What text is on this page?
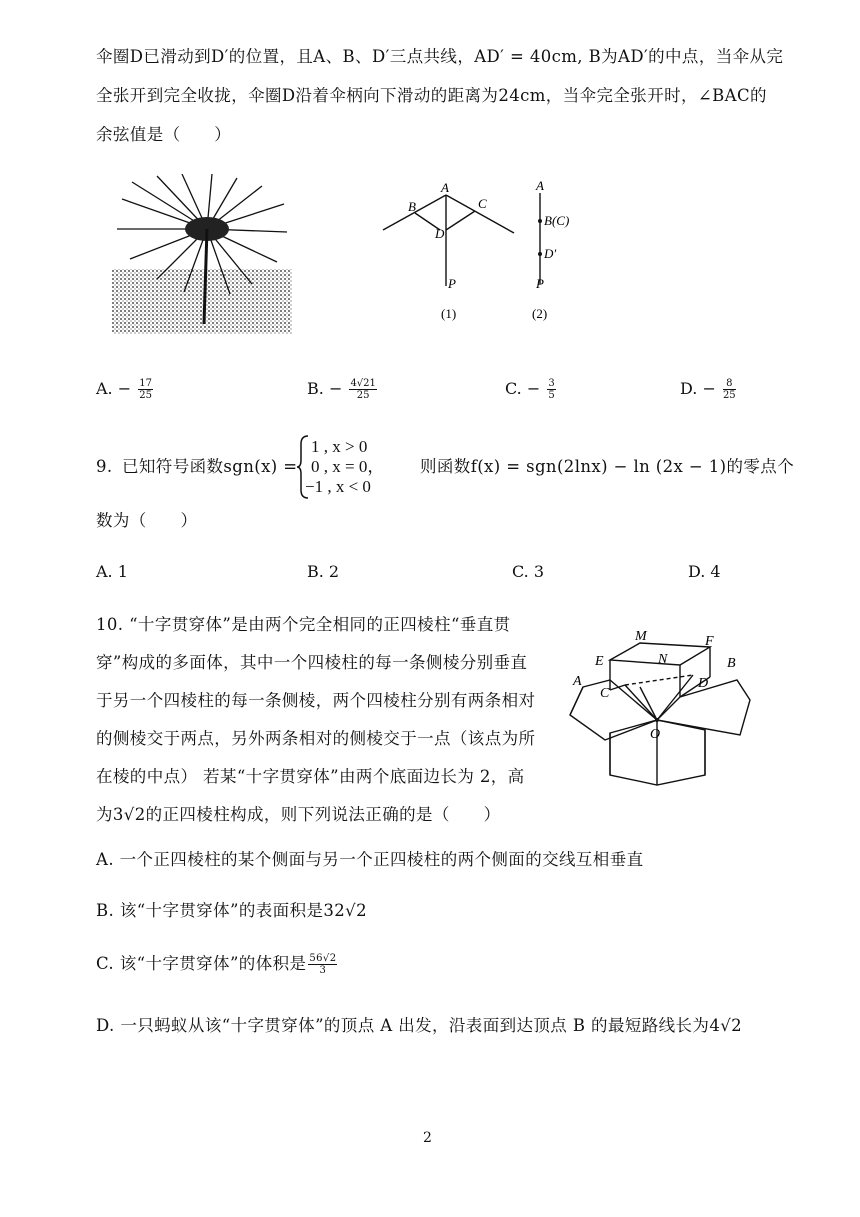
伞圈D已滑动到D′的位置，且A、B、D′三点共线，AD′ = 40cm, B为AD′的中点，当伞从完
全张开到完全收拢，伞圈D沿着伞柄向下滑动的距离为24cm，当伞完全张开时，∠BAC的
余弦值是（　　）
A
B	C
D
P
(1)
A
B(C)
D′
P
(2)
A. − $\frac{17}{25}$	B. − $\frac{4√21}{25}$	C. − $\frac{3}{5}$	D. − $\frac{8}{25}$
9. 已知符号函数sgn(x) =
1 , x > 0
0 , x = 0，
−1 , x < 0
则函数f(x) = sgn(2lnx) − ln (2x − 1)的零点个
数为（　　）
A. 1	B. 2	C. 3	D. 4
10. “十字贯穿体”是由两个完全相同的正四棱柱“垂直贯
穿”构成的多面体，其中一个四棱柱的每一条侧棱分别垂直
于另一个四棱柱的每一条侧棱，两个四棱柱分别有两条相对
的侧棱交于两点，另外两条相对的侧棱交于一点（该点为所
在棱的中点） 若某“十字贯穿体”由两个底面边长为 2，高
为3√2的正四棱柱构成，则下列说法正确的是（　　）
M
E	N
F
B
A
C
D
O
A. 一个正四棱柱的某个侧面与另一个正四棱柱的两个侧面的交线互相垂直
B. 该“十字贯穿体”的表面积是32√2
C. 该“十字贯穿体”的体积是 $\frac{56√2}{3}$
D. 一只蚂蚁从该“十字贯穿体”的顶点 A 出发，沿表面到达顶点 B 的最短路线长为4√2
2
